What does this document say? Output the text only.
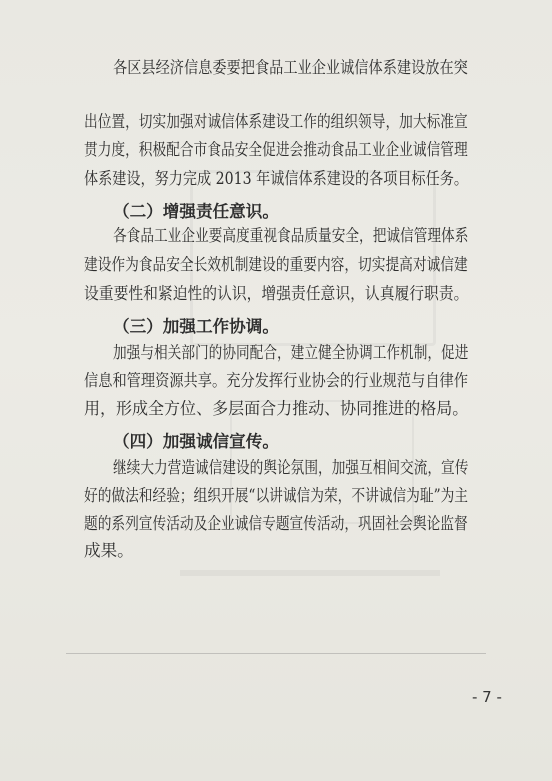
各区县经济信息委要把食品工业企业诚信体系建设放在突
出位置，切实加强对诚信体系建设工作的组织领导，加大标准宣
贯力度，积极配合市食品安全促进会推动食品工业企业诚信管理
体系建设，努力完成 2013 年诚信体系建设的各项目标任务。
（二）增强责任意识。
各食品工业企业要高度重视食品质量安全，把诚信管理体系
建设作为食品安全长效机制建设的重要内容，切实提高对诚信建
设重要性和紧迫性的认识，增强责任意识，认真履行职责。
（三）加强工作协调。
加强与相关部门的协同配合，建立健全协调工作机制，促进
信息和管理资源共享。充分发挥行业协会的行业规范与自律作
用，形成全方位、多层面合力推动、协同推进的格局。
（四）加强诚信宣传。
继续大力营造诚信建设的舆论氛围，加强互相间交流，宣传
好的做法和经验；组织开展“以讲诚信为荣，不讲诚信为耻”为主
题的系列宣传活动及企业诚信专题宣传活动，巩固社会舆论监督
成果。
- 7 -
